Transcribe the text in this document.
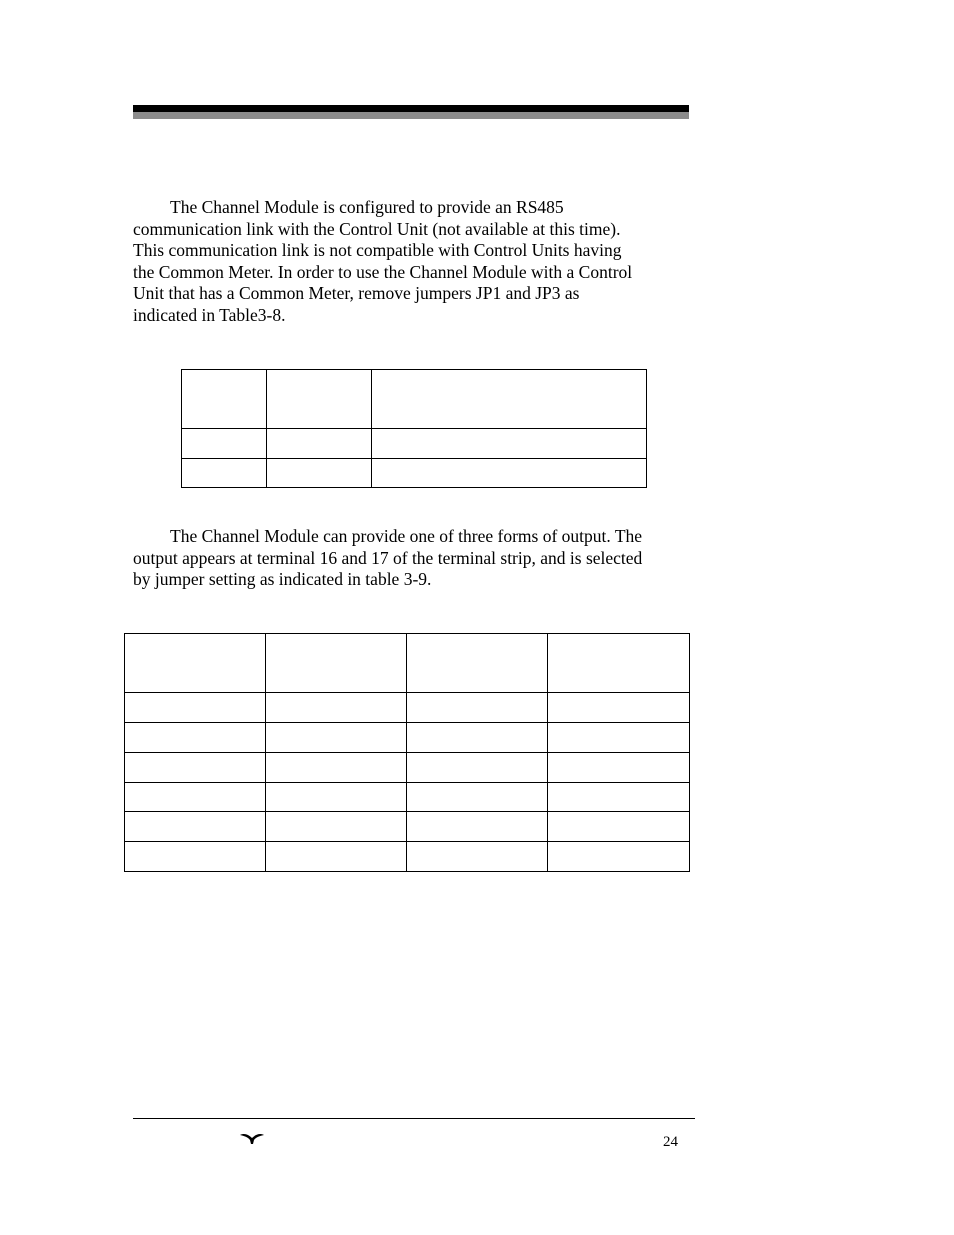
The Channel Module is configured to provide an RS485
communication link with the Control Unit (not available at this time).
This communication link is not compatible with Control Units having
the Common Meter. In order to use the Channel Module with a Control
Unit that has a Common Meter, remove jumpers JP1 and JP3 as
indicated in Table3-8.

The Channel Module can provide one of three forms of output. The
output appears at terminal 16 and 17 of the terminal strip, and is selected
by jumper setting as indicated in table 3-9.

24
